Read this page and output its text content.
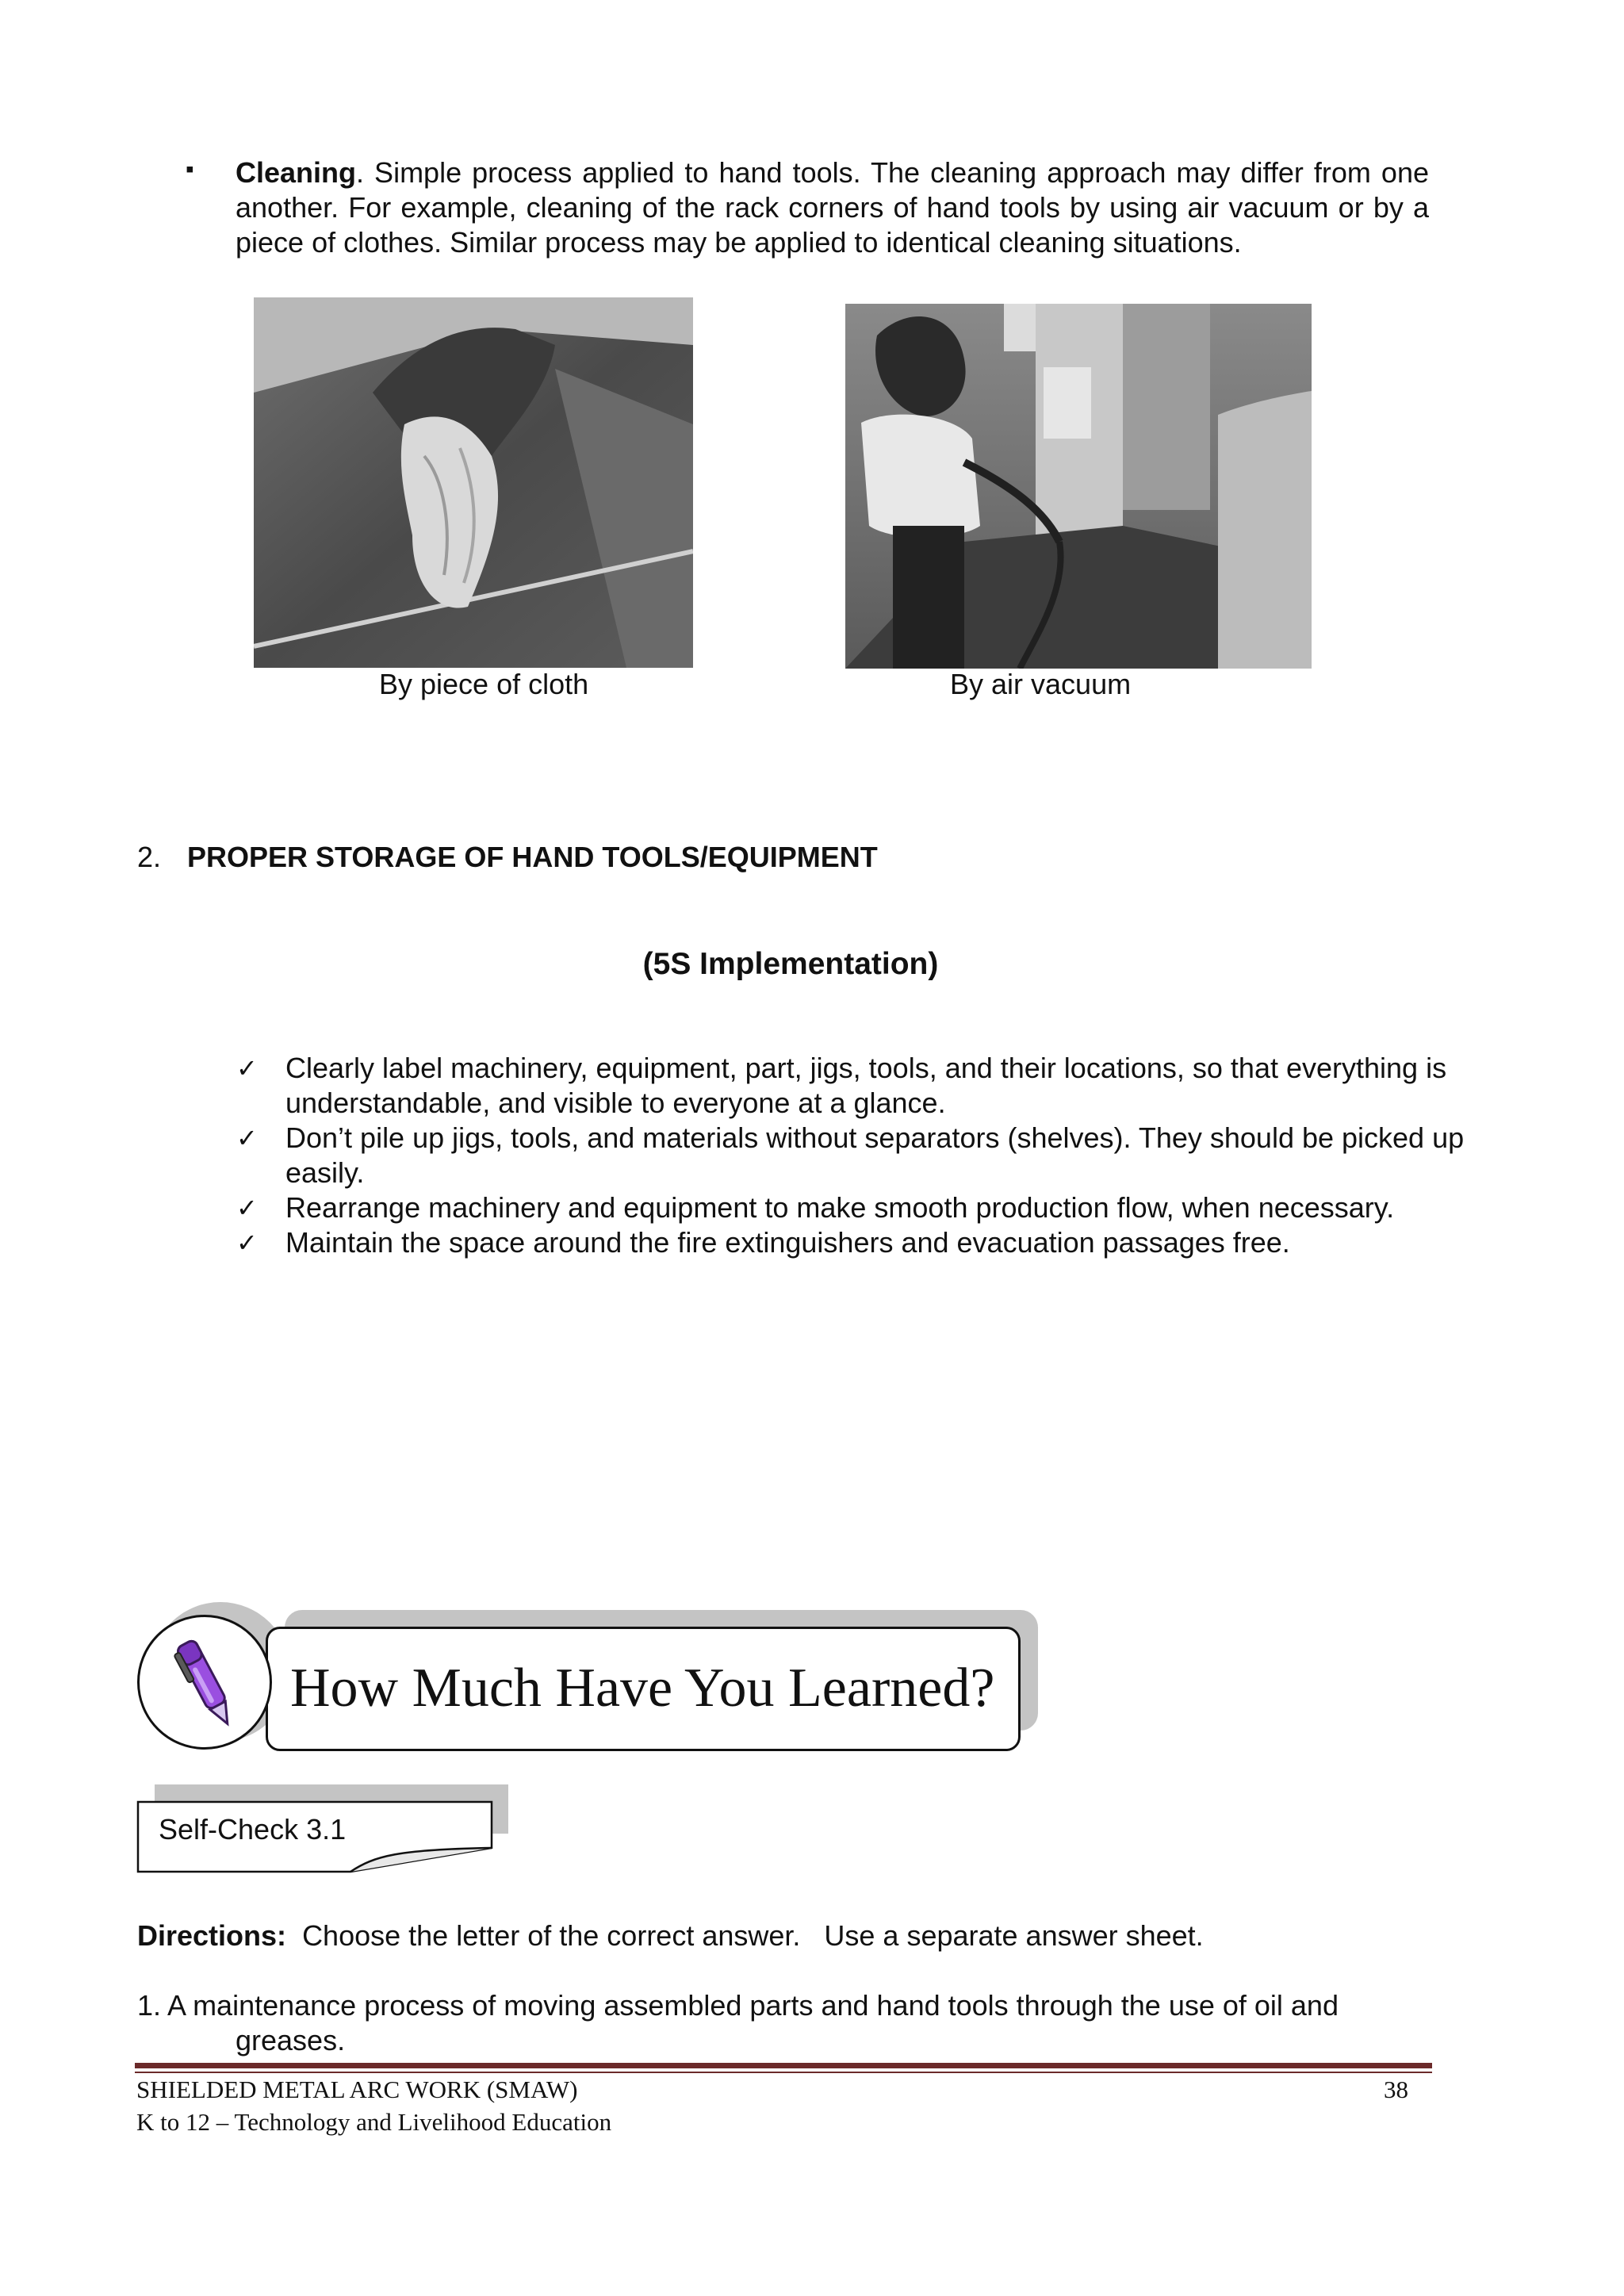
▪ Cleaning. Simple process applied to hand tools. The cleaning approach may differ from one another. For example, cleaning of the rack corners of hand tools by using air vacuum or by a piece of clothes. Similar process may be applied to identical cleaning situations.
By piece of cloth	By air vacuum
2. PROPER STORAGE OF HAND TOOLS/EQUIPMENT
(5S Implementation)
✓ Clearly label machinery, equipment, part, jigs, tools, and their locations, so that everything is understandable, and visible to everyone at a glance.
✓ Don’t pile up jigs, tools, and materials without separators (shelves). They should be picked up easily.
✓ Rearrange machinery and equipment to make smooth production flow, when necessary.
✓ Maintain the space around the fire extinguishers and evacuation passages free.
How Much Have You Learned?
Self-Check 3.1
Directions: Choose the letter of the correct answer.   Use a separate answer sheet.
1. A maintenance process of moving assembled parts and hand tools through the use of oil and
greases.
SHIELDED METAL ARC WORK (SMAW)
K to 12 – Technology and Livelihood Education
38
